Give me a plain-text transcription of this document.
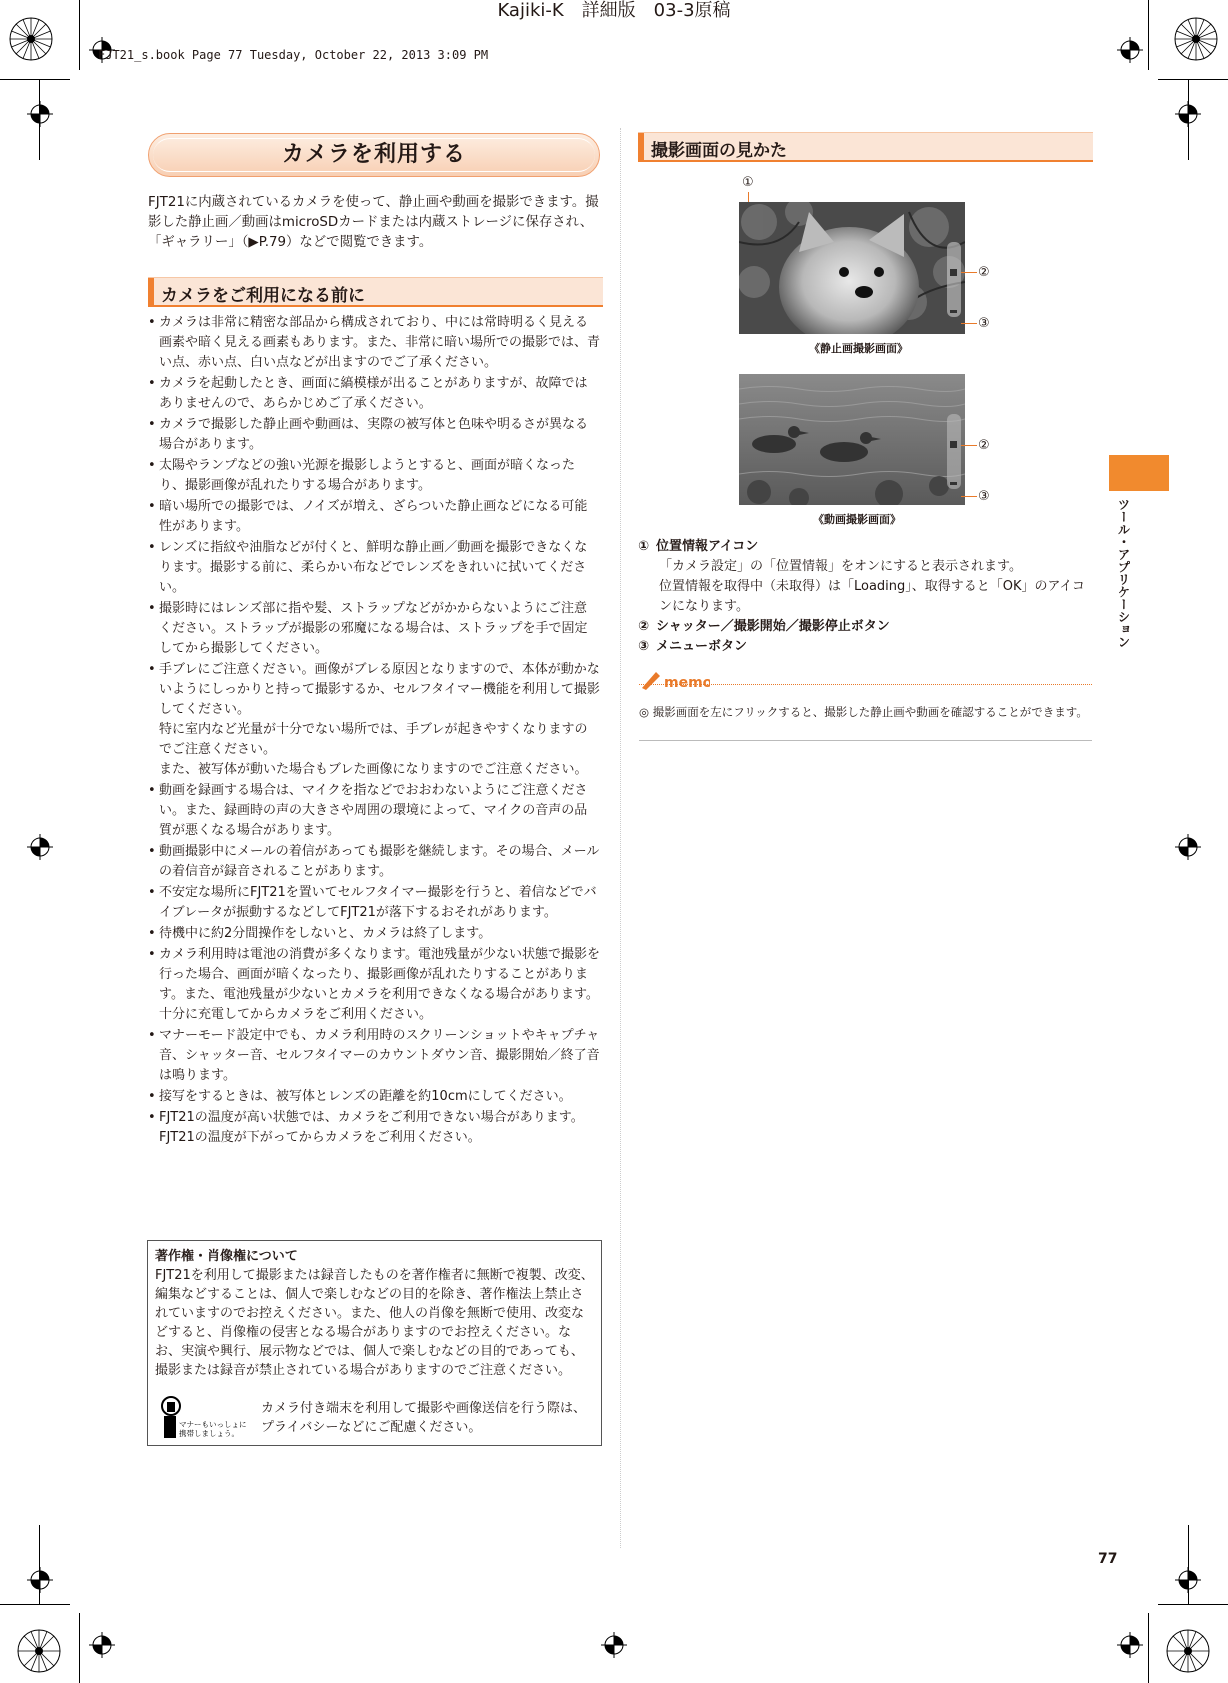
Kajiki-K　詳細版　03-3原稿
FJT21_s.book Page 77 Tuesday, October 22, 2013 3:09 PM
カメラを利用する
FJT21に内蔵されているカメラを使って、静止画や動画を撮影できます。撮影した静止画／動画はmicroSDカードまたは内蔵ストレージに保存され、「ギャラリー」（▶P.79）などで閲覧できます。
カメラをご利用になる前に

• カメラは非常に精密な部品から構成されており、中には常時明るく見える画素や暗く見える画素もあります。また、非常に暗い場所での撮影では、青い点、赤い点、白い点などが出ますのでご了承ください。

• カメラを起動したとき、画面に縞模様が出ることがありますが、故障ではありませんので、あらかじめご了承ください。

• カメラで撮影した静止画や動画は、実際の被写体と色味や明るさが異なる場合があります。

• 太陽やランプなどの強い光源を撮影しようとすると、画面が暗くなったり、撮影画像が乱れたりする場合があります。

• 暗い場所での撮影では、ノイズが増え、ざらついた静止画などになる可能性があります。

• レンズに指紋や油脂などが付くと、鮮明な静止画／動画を撮影できなくなります。撮影する前に、柔らかい布などでレンズをきれいに拭いてください。

• 撮影時にはレンズ部に指や髪、ストラップなどがかからないようにご注意ください。ストラップが撮影の邪魔になる場合は、ストラップを手で固定してから撮影してください。

• 手ブレにご注意ください。画像がブレる原因となりますので、本体が動かないようにしっかりと持って撮影するか、セルフタイマー機能を利用して撮影してください。

特に室内など光量が十分でない場所では、手ブレが起きやすくなりますのでご注意ください。

また、被写体が動いた場合もブレた画像になりますのでご注意ください。

• 動画を録画する場合は、マイクを指などでおおわないようにご注意ください。また、録画時の声の大きさや周囲の環境によって、マイクの音声の品質が悪くなる場合があります。

• 動画撮影中にメールの着信があっても撮影を継続します。その場合、メールの着信音が録音されることがあります。

• 不安定な場所にFJT21を置いてセルフタイマー撮影を行うと、着信などでバイブレータが振動するなどしてFJT21が落下するおそれがあります。

• 待機中に約2分間操作をしないと、カメラは終了します。

• カメラ利用時は電池の消費が多くなります。電池残量が少ない状態で撮影を行った場合、画面が暗くなったり、撮影画像が乱れたりすることがあります。また、電池残量が少ないとカメラを利用できなくなる場合があります。十分に充電してからカメラをご利用ください。

• マナーモード設定中でも、カメラ利用時のスクリーンショットやキャプチャ音、シャッター音、セルフタイマーのカウントダウン音、撮影開始／終了音は鳴ります。

• 接写をするときは、被写体とレンズの距離を約10cmにしてください。

• FJT21の温度が高い状態では、カメラをご利用できない場合があります。FJT21の温度が下がってからカメラをご利用ください。

著作権・肖像権について
FJT21を利用して撮影または録音したものを著作権者に無断で複製、改変、編集などすることは、個人で楽しむなどの目的を除き、著作権法上禁止されていますのでお控えください。また、他人の肖像を無断で使用、改変などすると、肖像権の侵害となる場合がありますのでお控えください。なお、実演や興行、展示物などでは、個人で楽しむなどの目的であっても、撮影または録音が禁止されている場合がありますのでご注意ください。
マナーもいっしょに
携帯しましょう。
カメラ付き端末を利用して撮影や画像送信を行う際は、プライバシーなどにご配慮ください。
撮影画面の見かた
①
②
③
《静止画撮影画面》
②
③
《動画撮影画面》
① 位置情報アイコン
「カメラ設定」の「位置情報」をオンにすると表示されます。
位置情報を取得中（未取得）は「Loading」、取得すると「OK」のアイコンになります。
② シャッター／撮影開始／撮影停止ボタン
③ メニューボタン
memo
◎ 撮影画面を左にフリックすると、撮影した静止画や動画を確認することができます。
ツール・アプリケーション
77
